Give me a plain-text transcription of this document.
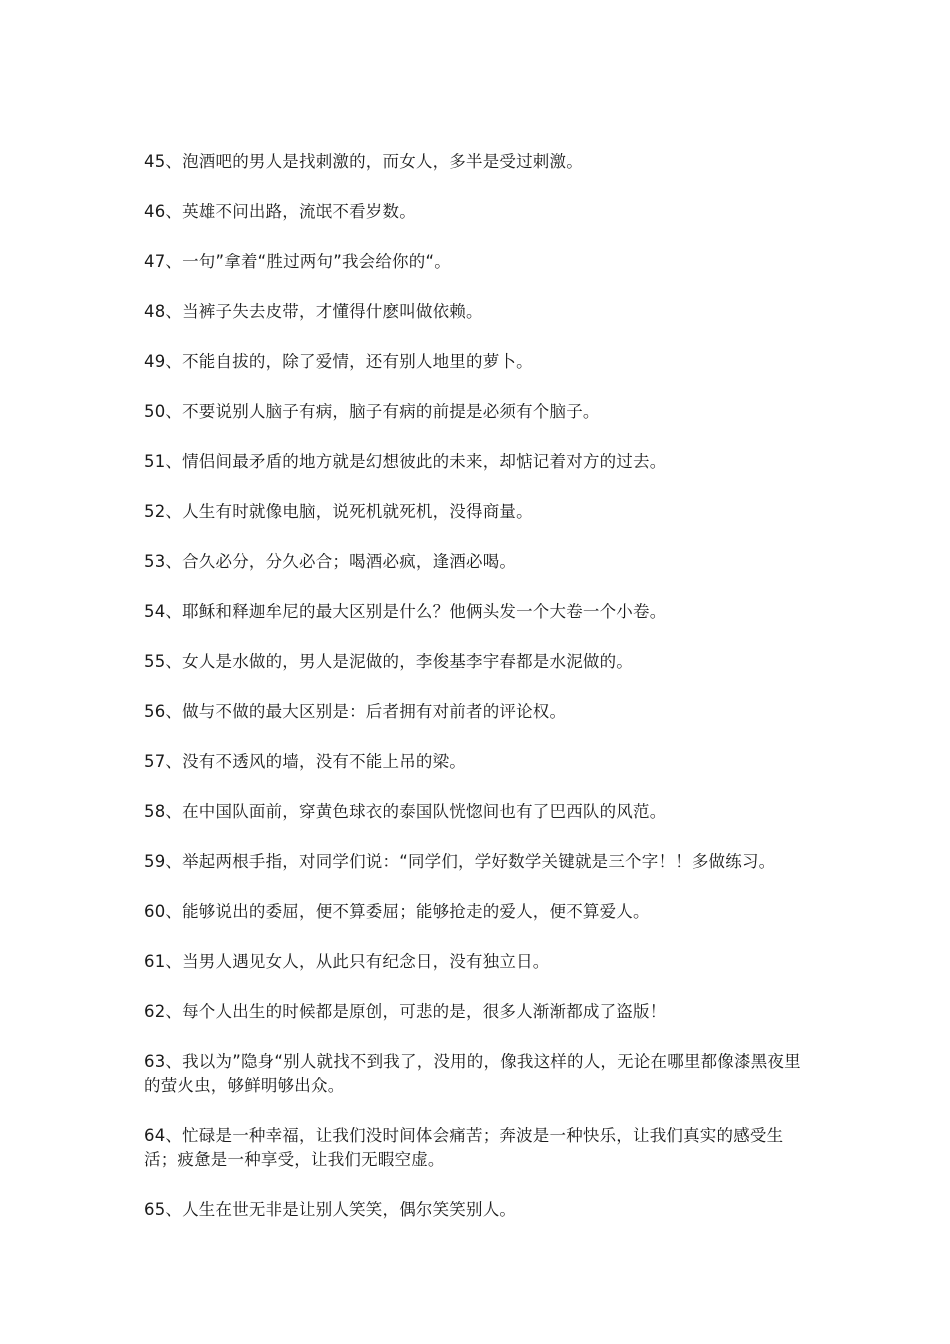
45、泡酒吧的男人是找刺激的，而女人，多半是受过刺激。

46、英雄不问出路，流氓不看岁数。

47、一句”拿着“胜过两句”我会给你的“。

48、当裤子失去皮带，才懂得什麽叫做依赖。

49、不能自拔的，除了爱情，还有别人地里的萝卜。

50、不要说别人脑子有病，脑子有病的前提是必须有个脑子。

51、情侣间最矛盾的地方就是幻想彼此的未来，却惦记着对方的过去。

52、人生有时就像电脑，说死机就死机，没得商量。

53、合久必分，分久必合；喝酒必疯，逢酒必喝。

54、耶稣和释迦牟尼的最大区别是什么？他俩头发一个大卷一个小卷。

55、女人是水做的，男人是泥做的，李俊基李宇春都是水泥做的。

56、做与不做的最大区别是：后者拥有对前者的评论权。

57、没有不透风的墙，没有不能上吊的梁。

58、在中国队面前，穿黄色球衣的泰国队恍惚间也有了巴西队的风范。

59、举起两根手指，对同学们说：“同学们，学好数学关键就是三个字！！多做练习。

60、能够说出的委屈，便不算委屈；能够抢走的爱人，便不算爱人。

61、当男人遇见女人，从此只有纪念日，没有独立日。

62、每个人出生的时候都是原创，可悲的是，很多人渐渐都成了盗版！

63、我以为”隐身“别人就找不到我了，没用的，像我这样的人，无论在哪里都像漆黑夜里的萤火虫，够鲜明够出众。

64、忙碌是一种幸福，让我们没时间体会痛苦；奔波是一种快乐，让我们真实的感受生活；疲惫是一种享受，让我们无暇空虚。

65、人生在世无非是让别人笑笑，偶尔笑笑别人。
